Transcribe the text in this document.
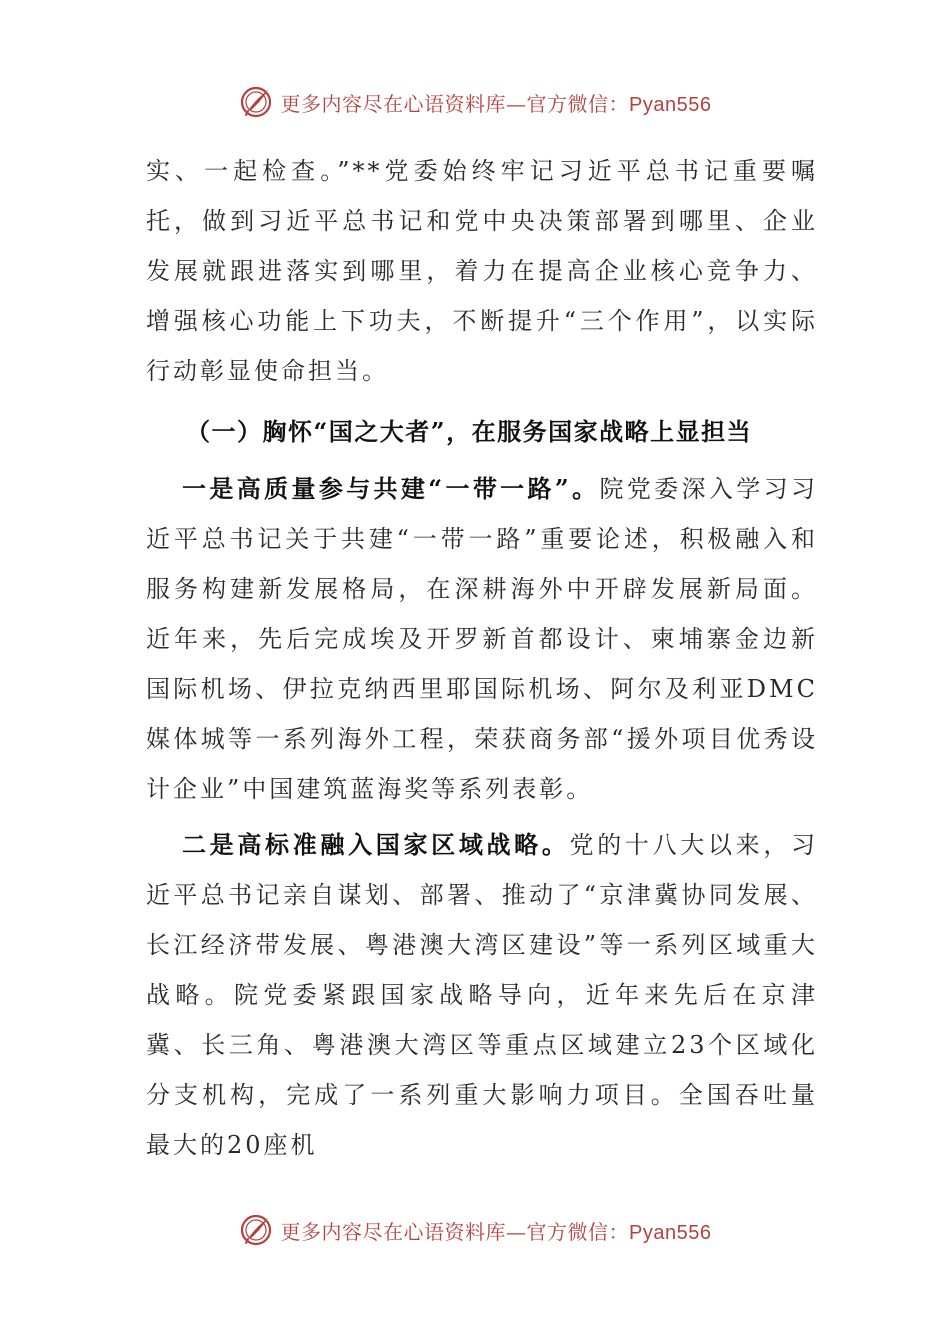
更多内容尽在心语资料库—官方微信：Pyan556

实、一起检查。”**党委始终牢记习近平总书记重要嘱托，做到习近平总书记和党中央决策部署到哪里、企业发展就跟进落实到哪里，着力在提高企业核心竞争力、增强核心功能上下功夫，不断提升“三个作用”，以实际行动彰显使命担当。

（一）胸怀“国之大者”，在服务国家战略上显担当

一是高质量参与共建“一带一路”。院党委深入学习习近平总书记关于共建“一带一路”重要论述，积极融入和服务构建新发展格局，在深耕海外中开辟发展新局面。近年来，先后完成埃及开罗新首都设计、柬埔寨金边新国际机场、伊拉克纳西里耶国际机场、阿尔及利亚DMC媒体城等一系列海外工程，荣获商务部“援外项目优秀设计企业”中国建筑蓝海奖等系列表彰。

二是高标准融入国家区域战略。党的十八大以来，习近平总书记亲自谋划、部署、推动了“京津冀协同发展、长江经济带发展、粤港澳大湾区建设”等一系列区域重大战略。院党委紧跟国家战略导向，近年来先后在京津冀、长三角、粤港澳大湾区等重点区域建立23个区域化分支机构，完成了一系列重大影响力项目。全国吞吐量最大的20座机

更多内容尽在心语资料库—官方微信：Pyan556
